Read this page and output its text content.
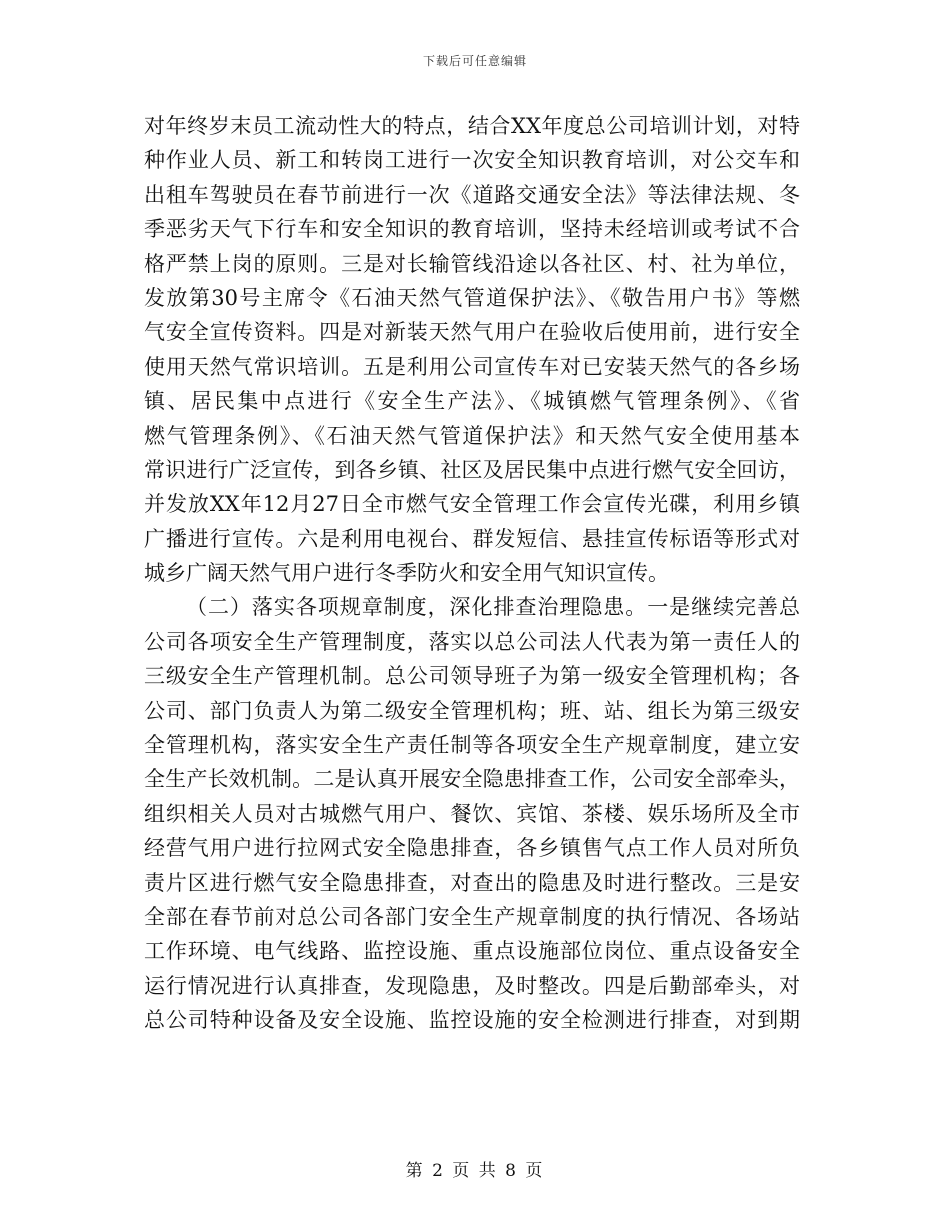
下载后可任意编辑
对年终岁末员工流动性大的特点，结合XX年度总公司培训计划，对特
种作业人员、新工和转岗工进行一次安全知识教育培训，对公交车和
出租车驾驶员在春节前进行一次《道路交通安全法》等法律法规、冬
季恶劣天气下行车和安全知识的教育培训，坚持未经培训或考试不合
格严禁上岗的原则。三是对长输管线沿途以各社区、村、社为单位，
发放第30号主席令《石油天然气管道保护法》、《敬告用户书》等燃
气安全宣传资料。四是对新装天然气用户在验收后使用前，进行安全
使用天然气常识培训。五是利用公司宣传车对已安装天然气的各乡场
镇、居民集中点进行《安全生产法》、《城镇燃气管理条例》、《省
燃气管理条例》、《石油天然气管道保护法》和天然气安全使用基本
常识进行广泛宣传，到各乡镇、社区及居民集中点进行燃气安全回访，
并发放XX年12月27日全市燃气安全管理工作会宣传光碟，利用乡镇
广播进行宣传。六是利用电视台、群发短信、悬挂宣传标语等形式对
城乡广阔天然气用户进行冬季防火和安全用气知识宣传。
（二）落实各项规章制度，深化排查治理隐患。一是继续完善总
公司各项安全生产管理制度，落实以总公司法人代表为第一责任人的
三级安全生产管理机制。总公司领导班子为第一级安全管理机构；各
公司、部门负责人为第二级安全管理机构；班、站、组长为第三级安
全管理机构，落实安全生产责任制等各项安全生产规章制度，建立安
全生产长效机制。二是认真开展安全隐患排查工作，公司安全部牵头，
组织相关人员对古城燃气用户、餐饮、宾馆、茶楼、娱乐场所及全市
经营气用户进行拉网式安全隐患排查，各乡镇售气点工作人员对所负
责片区进行燃气安全隐患排查，对查出的隐患及时进行整改。三是安
全部在春节前对总公司各部门安全生产规章制度的执行情况、各场站
工作环境、电气线路、监控设施、重点设施部位岗位、重点设备安全
运行情况进行认真排查，发现隐患，及时整改。四是后勤部牵头，对
总公司特种设备及安全设施、监控设施的安全检测进行排查，对到期
第 2 页 共 8 页
